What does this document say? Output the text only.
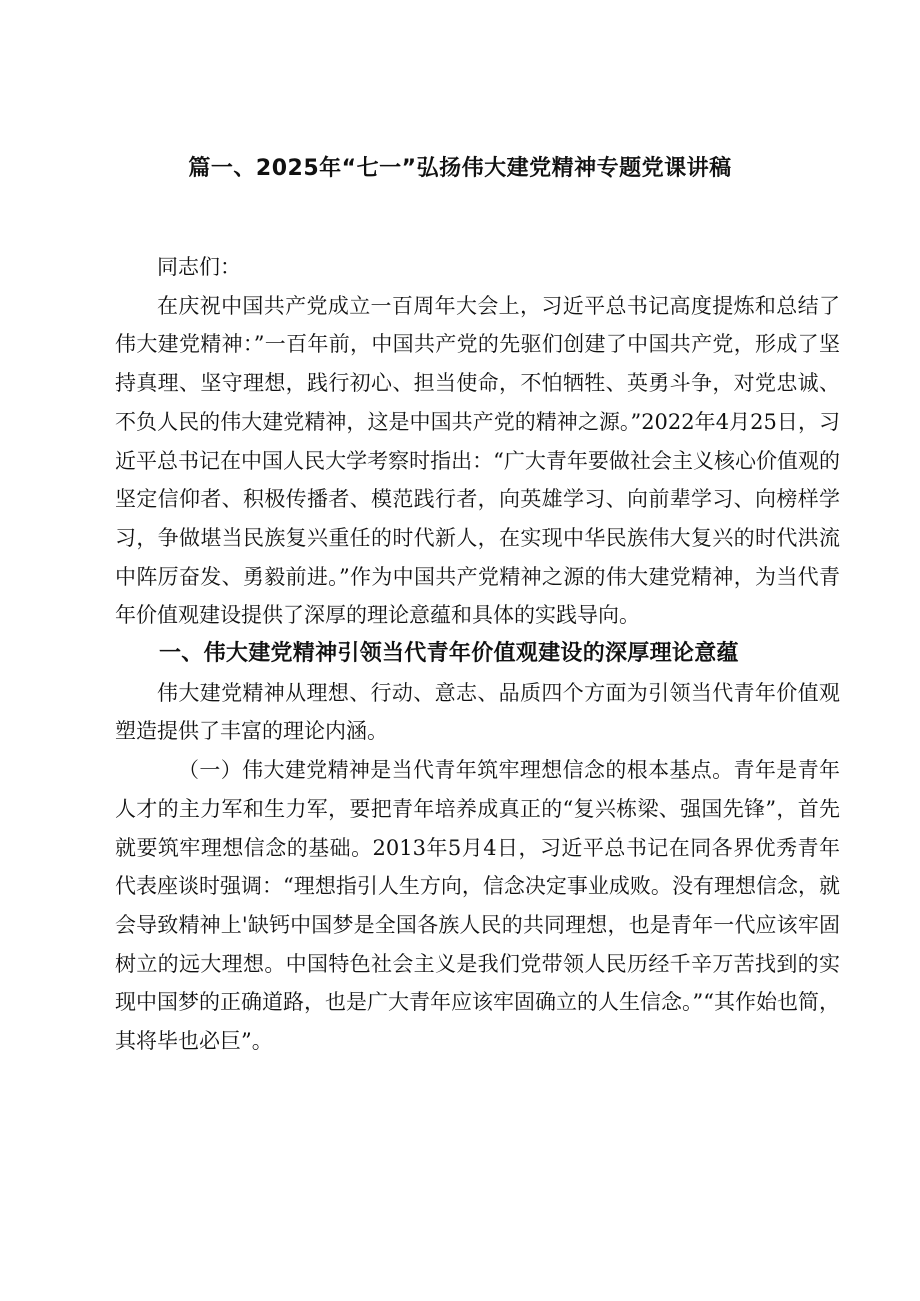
篇一、2025年“七一”弘扬伟大建党精神专题党课讲稿

同志们：

在庆祝中国共产党成立一百周年大会上，习近平总书记高度提炼和总结了伟大建党精神：”一百年前，中国共产党的先驱们创建了中国共产党，形成了坚持真理、坚守理想，践行初心、担当使命，不怕牺牲、英勇斗争，对党忠诚、不负人民的伟大建党精神，这是中国共产党的精神之源。”2022年4月25日，习近平总书记在中国人民大学考察时指出：“广大青年要做社会主义核心价值观的坚定信仰者、积极传播者、模范践行者，向英雄学习、向前辈学习、向榜样学习，争做堪当民族复兴重任的时代新人，在实现中华民族伟大复兴的时代洪流中阵厉奋发、勇毅前进。”作为中国共产党精神之源的伟大建党精神，为当代青年价值观建设提供了深厚的理论意蕴和具体的实践导向。

一、伟大建党精神引领当代青年价值观建设的深厚理论意蕴

伟大建党精神从理想、行动、意志、品质四个方面为引领当代青年价值观塑造提供了丰富的理论内涵。

（一）伟大建党精神是当代青年筑牢理想信念的根本基点。青年是青年人才的主力军和生力军，要把青年培养成真正的“复兴栋梁、强国先锋”，首先就要筑牢理想信念的基础。2013年5月4日，习近平总书记在同各界优秀青年代表座谈时强调：“理想指引人生方向，信念决定事业成败。没有理想信念，就会导致精神上'缺钙中国梦是全国各族人民的共同理想，也是青年一代应该牢固树立的远大理想。中国特色社会主义是我们党带领人民历经千辛万苦找到的实现中国梦的正确道路，也是广大青年应该牢固确立的人生信念。”“其作始也简，其将毕也必巨”。
